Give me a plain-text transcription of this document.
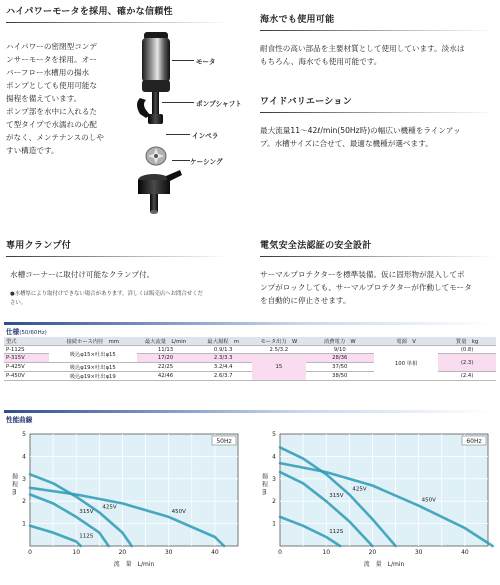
ハイパワーモータを採用、確かな信頼性
ハイパワーの密閉型コンデ
ンサーモータを採用。オー
バーフロー水槽用の揚水
ポンプとしても使用可能な
揚程を備えています。
ポンプ部を水中に入れるた
て型タイプで水濡れの心配
がなく、メンテナンスのしや
すい構造です。
モータ
ポンプシャフト
インペラ
ケーシング
海水でも使用可能
耐食性の高い部品を主要材質として使用しています。淡水は
もちろん、海水でも使用可能です。
ワイドバリエーション
最大流量11～42ℓ/min(50Hz時)の幅広い機種をラインアッ
プ。水槽サイズに合せて、最適な機種が選べます。
専用クランプ付
水槽コーナーに取付け可能なクランプ付。
●水槽厚により取付けできない場合があります。詳しくは販売店へお問合せくだ
さい。
電気安全法認証の安全設計
サーマルプロテクターを標準装備。仮に固形物が混入してポ
ンプがロックしても、サーマルプロテクターが作動してモータ
を自動的に停止させます。
仕様(50/60Hz)
型式	接続ホース内径　mm	最大流量　L/min	最大揚程　m	モータ出力　W	消費電力　W	電源　V	質量　kg
P-112S	吸込φ15×吐出φ15	11/13	0.9/1.3	2.5/3.2	9/10	100 単相	(0.8)
P-315V		17/20	2.3/3.3	15	28/36		(2.3)
P-425V	吸込φ19×吐出φ15	22/25	3.2/4.4		37/50		
P-450V	吸込φ19×吐出φ19	42/46	2.6/3.7		38/50		(2.4)
性能曲線
50Hz
0	10	20	30	40
1
2
3
4
5
流　量　L/min
揚 程 m
425V
315V	450V
112S
60Hz
0	10	20	30	40
1
2
3
4
5
流　量　L/min
揚 程 m	425V
315V
450V
112S
